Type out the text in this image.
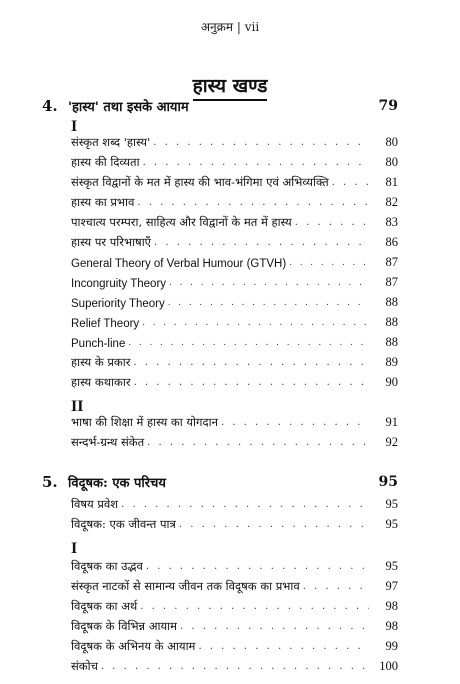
अनुक्रम | vii
हास्य खण्ड
4. 'हास्य' तथा इसके आयाम	79
I
संस्कृत शब्द 'हास्य' . . .	80
हास्य की दिव्यता . . .	80
संस्कृत विद्वानों के मत में हास्य की भाव-भंगिमा एवं अभिव्यक्ति . . .	81
हास्य का प्रभाव . . .	82
पाश्चात्य परम्परा, साहित्य और विद्वानों के मत में हास्य . . .	83
हास्य पर परिभाषाएँ . . .	86
General Theory of Verbal Humour (GTVH) . . .	87
Incongruity Theory . . .	87
Superiority Theory . . .	88
Relief Theory . . .	88
Punch-line . . .	88
हास्य के प्रकार . . .	89
हास्य कथाकार . . .	90
II
भाषा की शिक्षा में हास्य का योगदान . . .	91
सन्दर्भ-ग्रन्थ संकेत . . .	92
5. विदूषक: एक परिचय	95
विषय प्रवेश . . .	95
विदूषक: एक जीवन्त पात्र . . .	95
I
विदूषक का उद्भव . . .	95
संस्कृत नाटकों से सामान्य जीवन तक विदूषक का प्रभाव . . .	97
विदूषक का अर्थ . . .	98
विदूषक के विभिन्न आयाम . . .	98
विदूषक के अभिनय के आयाम . . .	99
संकोच . . .	100
